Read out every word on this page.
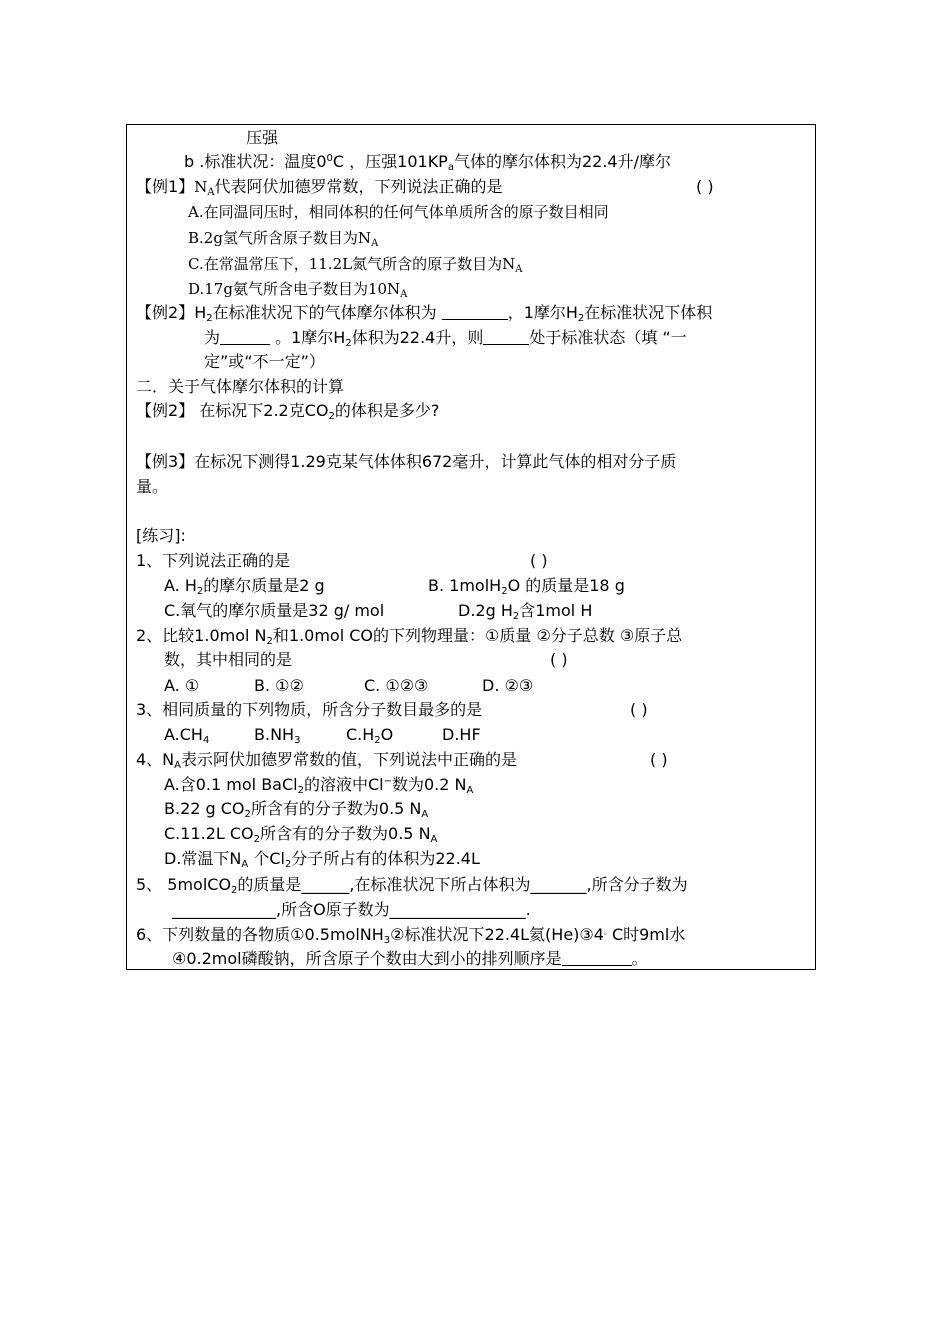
压强
b .标准状况：温度$0^0C$ ，压强$101KP_a$气体的摩尔体积为22.4升/摩尔
【例1】$N_A$代表阿伏加德罗常数，下列说法正确的是	( )
A.在同温同压时，相同体积的任何气体单质所含的原子数目相同
B.2g氢气所含原子数目为$N_A$
C.在常温常压下，11.2L氮气所含的原子数目为$N_A$
D.17g氨气所含电子数目为$10N_A$
【例2】$H_2$在标准状况下的气体摩尔体积为	，1摩尔$H_2$在标准状况下体积
为	。1摩尔$H_2$体积为22.4升，则	处于标准状态（填 “一
定”或“不一定”）
二．关于气体摩尔体积的计算
【例2】 在标况下2.2克$CO_2$的体积是多少?
【例3】在标况下测得1.29克某气体体积672毫升，计算此气体的相对分子质
量。
[练习]:
1、下列说法正确的是	( )
A. $H_2$的摩尔质量是2 g	B. 1molH$_2$O 的质量是18 g
C.氧气的摩尔质量是32 g/ mol	D.2g $H_2$含1mol H
2、比较1.0mol $N_2$和1.0mol CO的下列物理量：①质量 ②分子总数 ③原子总
数，其中相同的是	( )
A. ①	B. ①②	C. ①②③	D. ②③
3、相同质量的下列物质，所含分子数目最多的是	( )
$A.CH_4$	$B.NH_3$	$C.H_2O$	D.HF
4、$N_A$表示阿伏加德罗常数的值，下列说法中正确的是	( )
A.含0.1 mol BaCl$_2$的溶液中Cl−数为0.2 $N_A$
B.22 g $CO_2$所含有的分子数为0.5 $N_A$
C.11.2L $CO_2$所含有的分子数为0.5 $N_A$
D.常温下$N_A$ 个$Cl_2$分子所占有的体积为22.4L
5、 5molCO$_2$的质量是______,在标准状况下所占体积为_______,所含分子数为
_____________,所含O原子数为_________________.
6、下列数量的各物质①0.5molNH$_3$②标准状况下22.4L氦(He)③4。C时9ml水
④0.2mol磷酸钠，所含原子个数由大到小的排列顺序是	。
